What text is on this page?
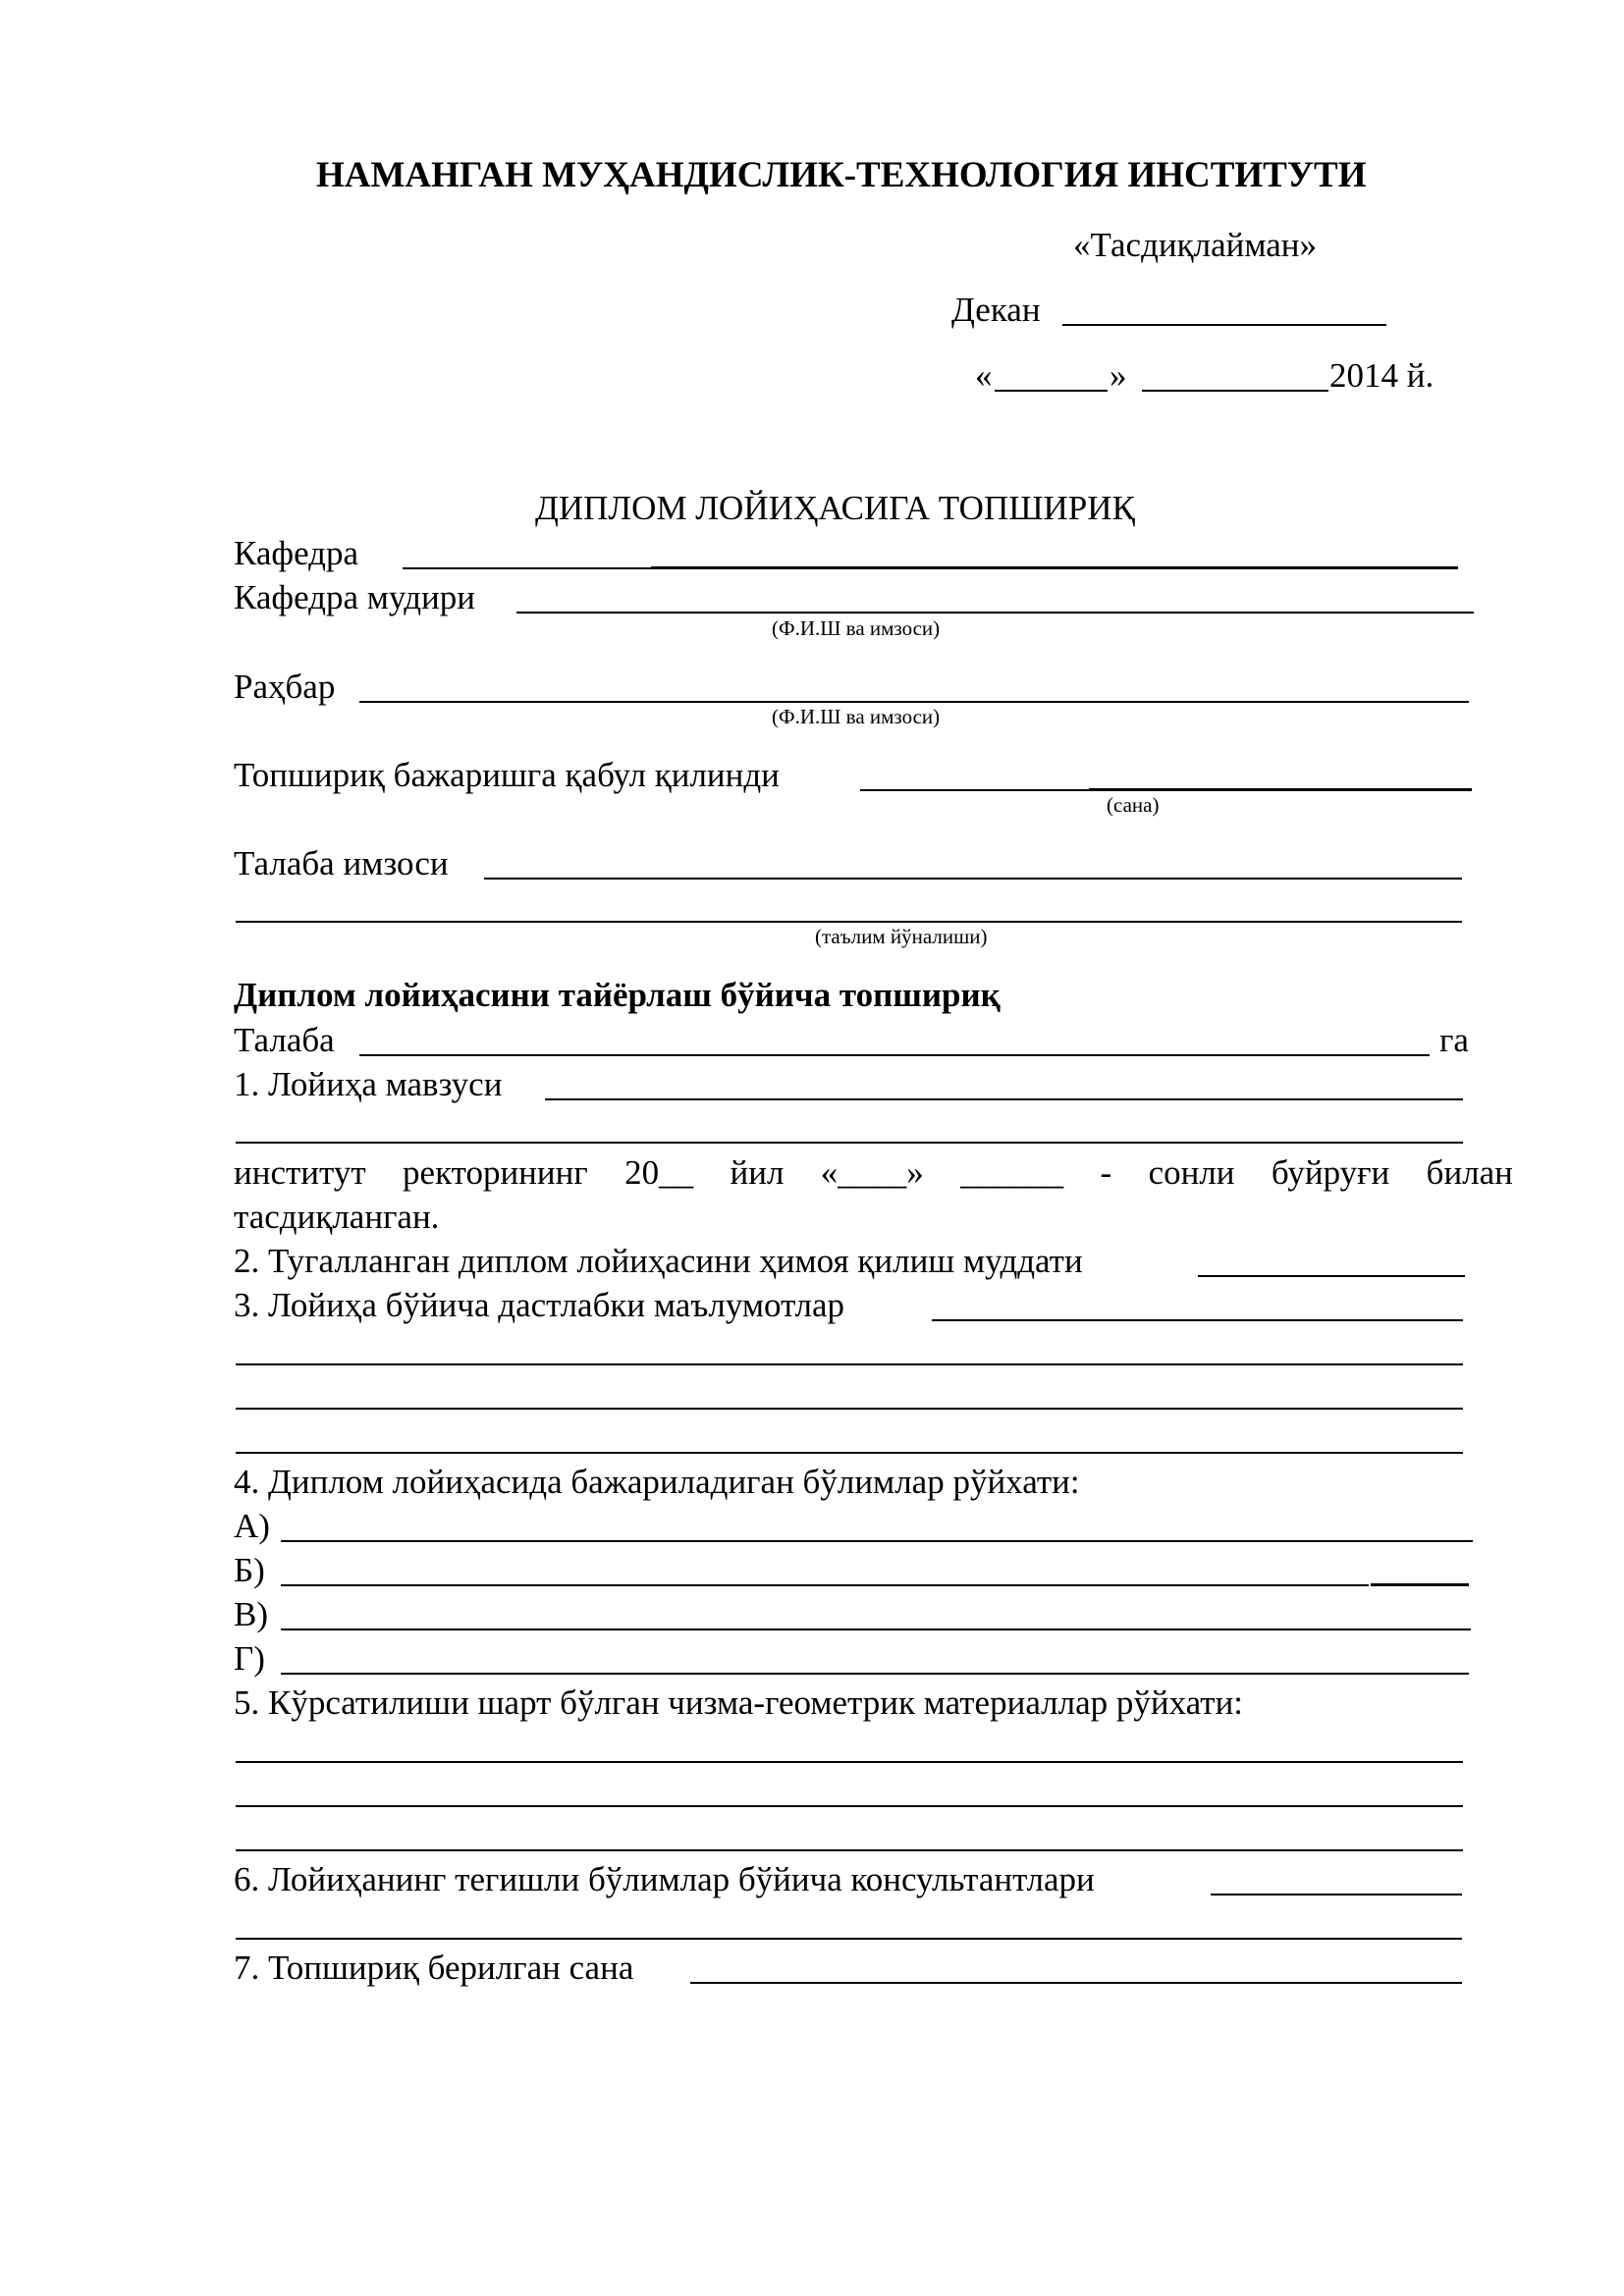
НАМАНГАН МУҲАНДИСЛИК-ТЕХНОЛОГИЯ ИНСТИТУТИ
«Тасдиқлайман»
Декан
«	»	2014 й.
ДИПЛОМ ЛОЙИҲАСИГА ТОПШИРИҚ
Кафедра
Кафедра мудири
(Ф.И.Ш ва имзоси)
Раҳбар
(Ф.И.Ш ва имзоси)
Топшириқ бажаришга қабул қилинди
(сана)
Талаба имзоси
(таълим йўналиши)
Диплом лойиҳасини тайёрлаш бўйича топшириқ
Талаба	га
1. Лойиҳа мавзуси
институт ректорининг 20__ йил «____» ______ - сонли буйруғи билан
тасдиқланган.
2. Тугалланган диплом лойиҳасини ҳимоя қилиш муддати
3. Лойиҳа бўйича дастлабки маълумотлар
4. Диплом лойиҳасида бажариладиган бўлимлар рўйхати:
А)
Б)
В)
Г)
5. Кўрсатилиши шарт бўлган чизма-геометрик материаллар рўйхати:
6. Лойиҳанинг тегишли бўлимлар бўйича консультантлари
7. Топшириқ берилган сана
